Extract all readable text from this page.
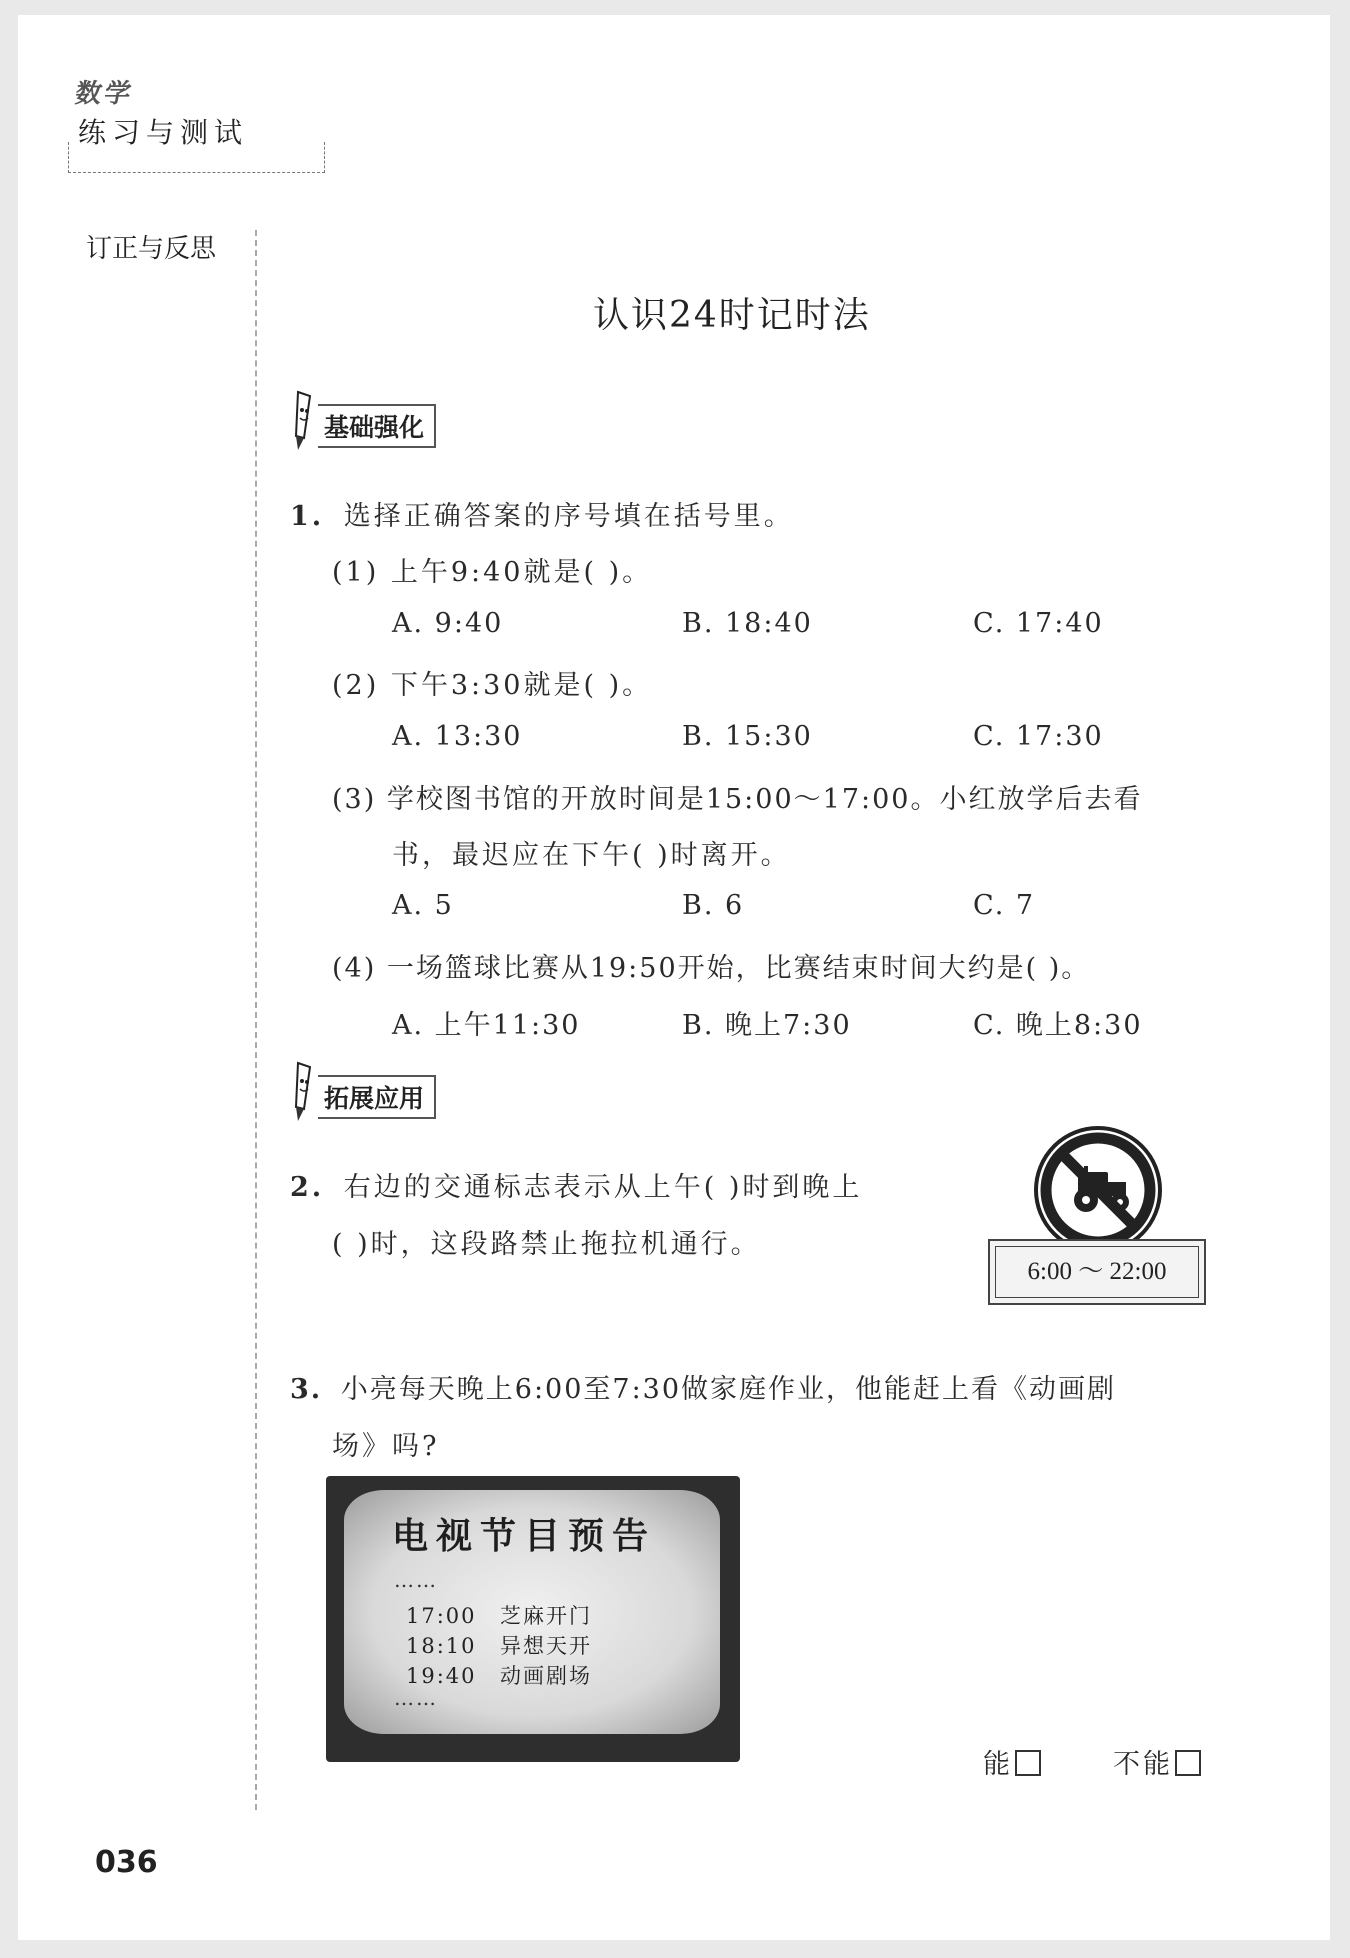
数学
练习与测试
订正与反思
认识24时记时法
基础强化
1. 选择正确答案的序号填在括号里。
(1) 上午9:40就是( )。
A. 9:40	B. 18:40	C. 17:40
(2) 下午3:30就是( )。
A. 13:30	B. 15:30	C. 17:30
(3) 学校图书馆的开放时间是15:00～17:00。小红放学后去看
书，最迟应在下午( )时离开。
A. 5	B. 6	C. 7
(4) 一场篮球比赛从19:50开始，比赛结束时间大约是( )。
A. 上午11:30	B. 晚上7:30	C. 晚上8:30
拓展应用
2. 右边的交通标志表示从上午( )时到晚上
( )时，这段路禁止拖拉机通行。
6:00 ～ 22:00
3. 小亮每天晚上6:00至7:30做家庭作业，他能赶上看《动画剧
场》吗?
电视节目预告
……
17:00 芝麻开门
18:10 异想天开
19:40 动画剧场
……
能	不能
036
